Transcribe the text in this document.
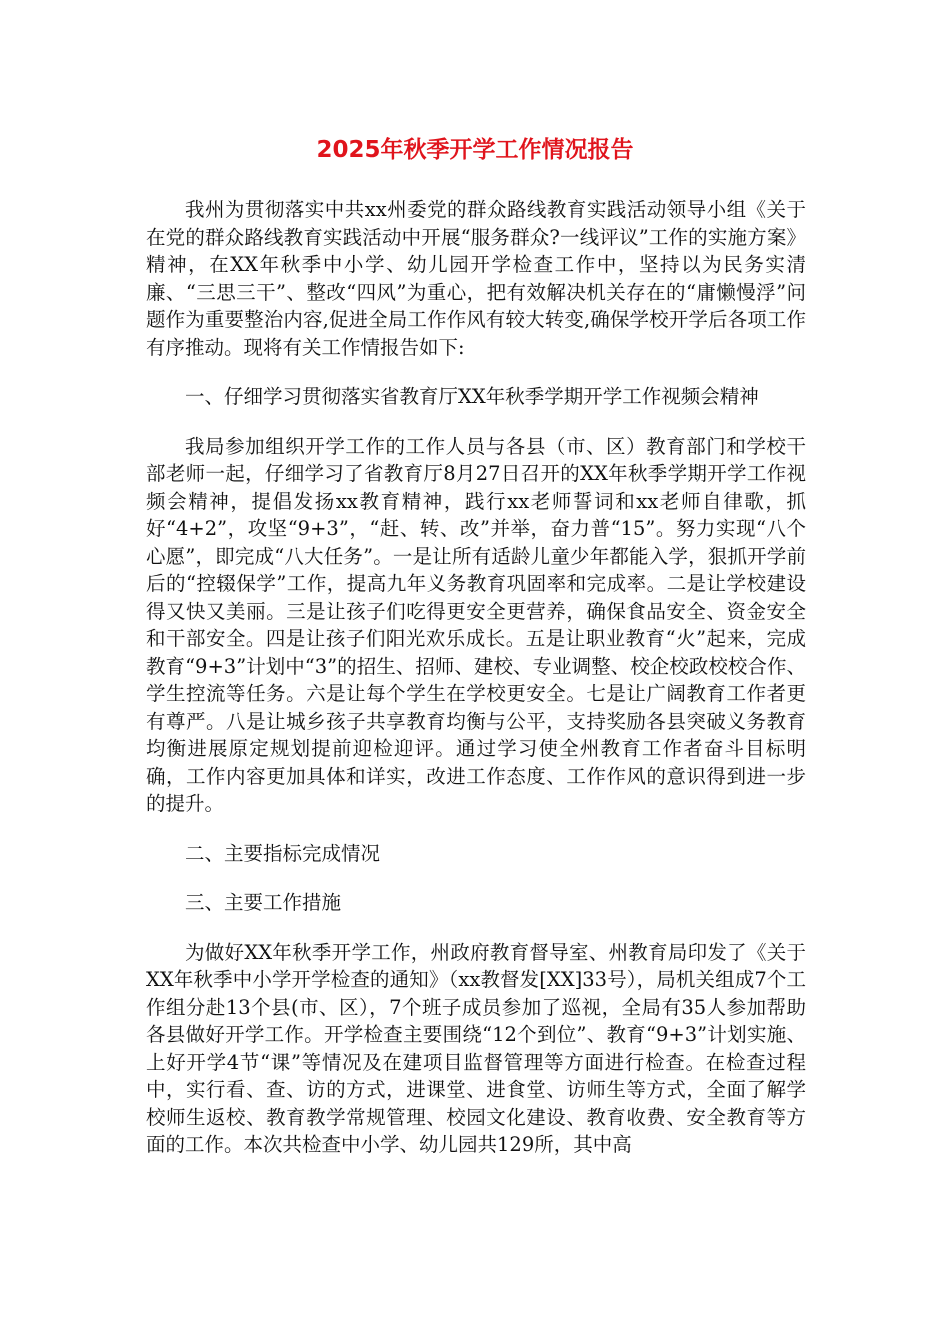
2025年秋季开学工作情况报告

我州为贯彻落实中共xx州委党的群众路线教育实践活动领导小组《关于在党的群众路线教育实践活动中开展“服务群众?一线评议”工作的实施方案》精神，在XX年秋季中小学、幼儿园开学检查工作中，坚持以为民务实清廉、“三思三干”、整改“四风”为重心，把有效解决机关存在的“庸懒慢浮”问题作为重要整治内容,促进全局工作作风有较大转变,确保学校开学后各项工作有序推动。现将有关工作情报告如下:

一、仔细学习贯彻落实省教育厅XX年秋季学期开学工作视频会精神

我局参加组织开学工作的工作人员与各县（市、区）教育部门和学校干部老师一起，仔细学习了省教育厅8月27日召开的XX年秋季学期开学工作视频会精神，提倡发扬xx教育精神，践行xx老师誓词和xx老师自律歌，抓好“4+2”，攻坚“9+3”，“赶、转、改”并举，奋力普“15”。努力实现“八个心愿”，即完成“八大任务”。一是让所有适龄儿童少年都能入学，狠抓开学前后的“控辍保学”工作，提高九年义务教育巩固率和完成率。二是让学校建设得又快又美丽。三是让孩子们吃得更安全更营养，确保食品安全、资金安全和干部安全。四是让孩子们阳光欢乐成长。五是让职业教育“火”起来，完成教育“9+3”计划中“3”的招生、招师、建校、专业调整、校企校政校校合作、学生控流等任务。六是让每个学生在学校更安全。七是让广阔教育工作者更有尊严。八是让城乡孩子共享教育均衡与公平，支持奖励各县突破义务教育均衡进展原定规划提前迎检迎评。通过学习使全州教育工作者奋斗目标明确，工作内容更加具体和详实，改进工作态度、工作作风的意识得到进一步的提升。

二、主要指标完成情况

三、主要工作措施

为做好XX年秋季开学工作，州政府教育督导室、州教育局印发了《关于XX年秋季中小学开学检查的通知》（xx教督发[XX]33号），局机关组成7个工作组分赴13个县(市、区），7个班子成员参加了巡视，全局有35人参加帮助各县做好开学工作。开学检查主要围绕“12个到位”、教育“9+3”计划实施、上好开学4节“课”等情况及在建项目监督管理等方面进行检查。在检查过程中，实行看、查、访的方式，进课堂、进食堂、访师生等方式，全面了解学校师生返校、教育教学常规管理、校园文化建设、教育收费、安全教育等方面的工作。本次共检查中小学、幼儿园共129所，其中高
